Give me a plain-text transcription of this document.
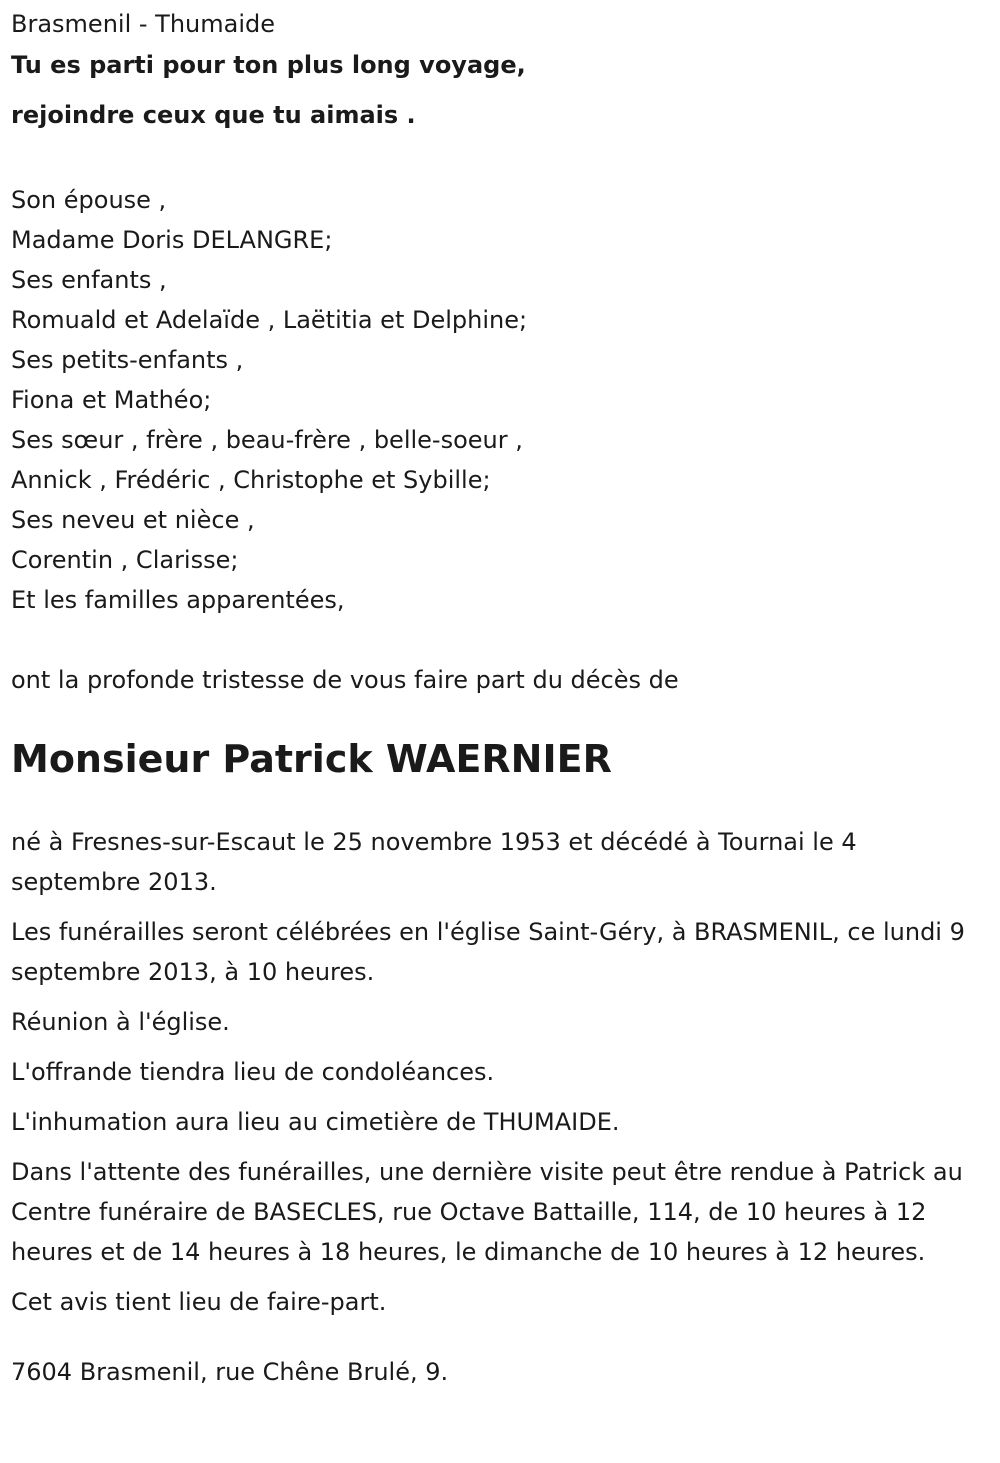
Brasmenil - Thumaide

Tu es parti pour ton plus long voyage,

rejoindre ceux que tu aimais .

Son épouse ,

Madame Doris DELANGRE;

Ses enfants ,

Romuald et Adelaïde , Laëtitia et Delphine;

Ses petits-enfants ,

Fiona et Mathéo;

Ses sœur , frère , beau-frère , belle-soeur ,

Annick , Frédéric , Christophe et Sybille;

Ses neveu et nièce ,

Corentin , Clarisse;

Et les familles apparentées,

ont la profonde tristesse de vous faire part du décès de

Monsieur Patrick WAERNIER

né à Fresnes-sur-Escaut le 25 novembre 1953 et décédé à Tournai le 4 septembre 2013.

Les funérailles seront célébrées en l'église Saint-Géry, à BRASMENIL, ce lundi 9 septembre 2013, à 10 heures.

Réunion à l'église.

L'offrande tiendra lieu de condoléances.

L'inhumation aura lieu au cimetière de THUMAIDE.

Dans l'attente des funérailles, une dernière visite peut être rendue à Patrick au Centre funéraire de BASECLES, rue Octave Battaille, 114, de 10 heures à 12 heures et de 14 heures à 18 heures, le dimanche de 10 heures à 12 heures.

Cet avis tient lieu de faire-part.

7604 Brasmenil, rue Chêne Brulé, 9.
